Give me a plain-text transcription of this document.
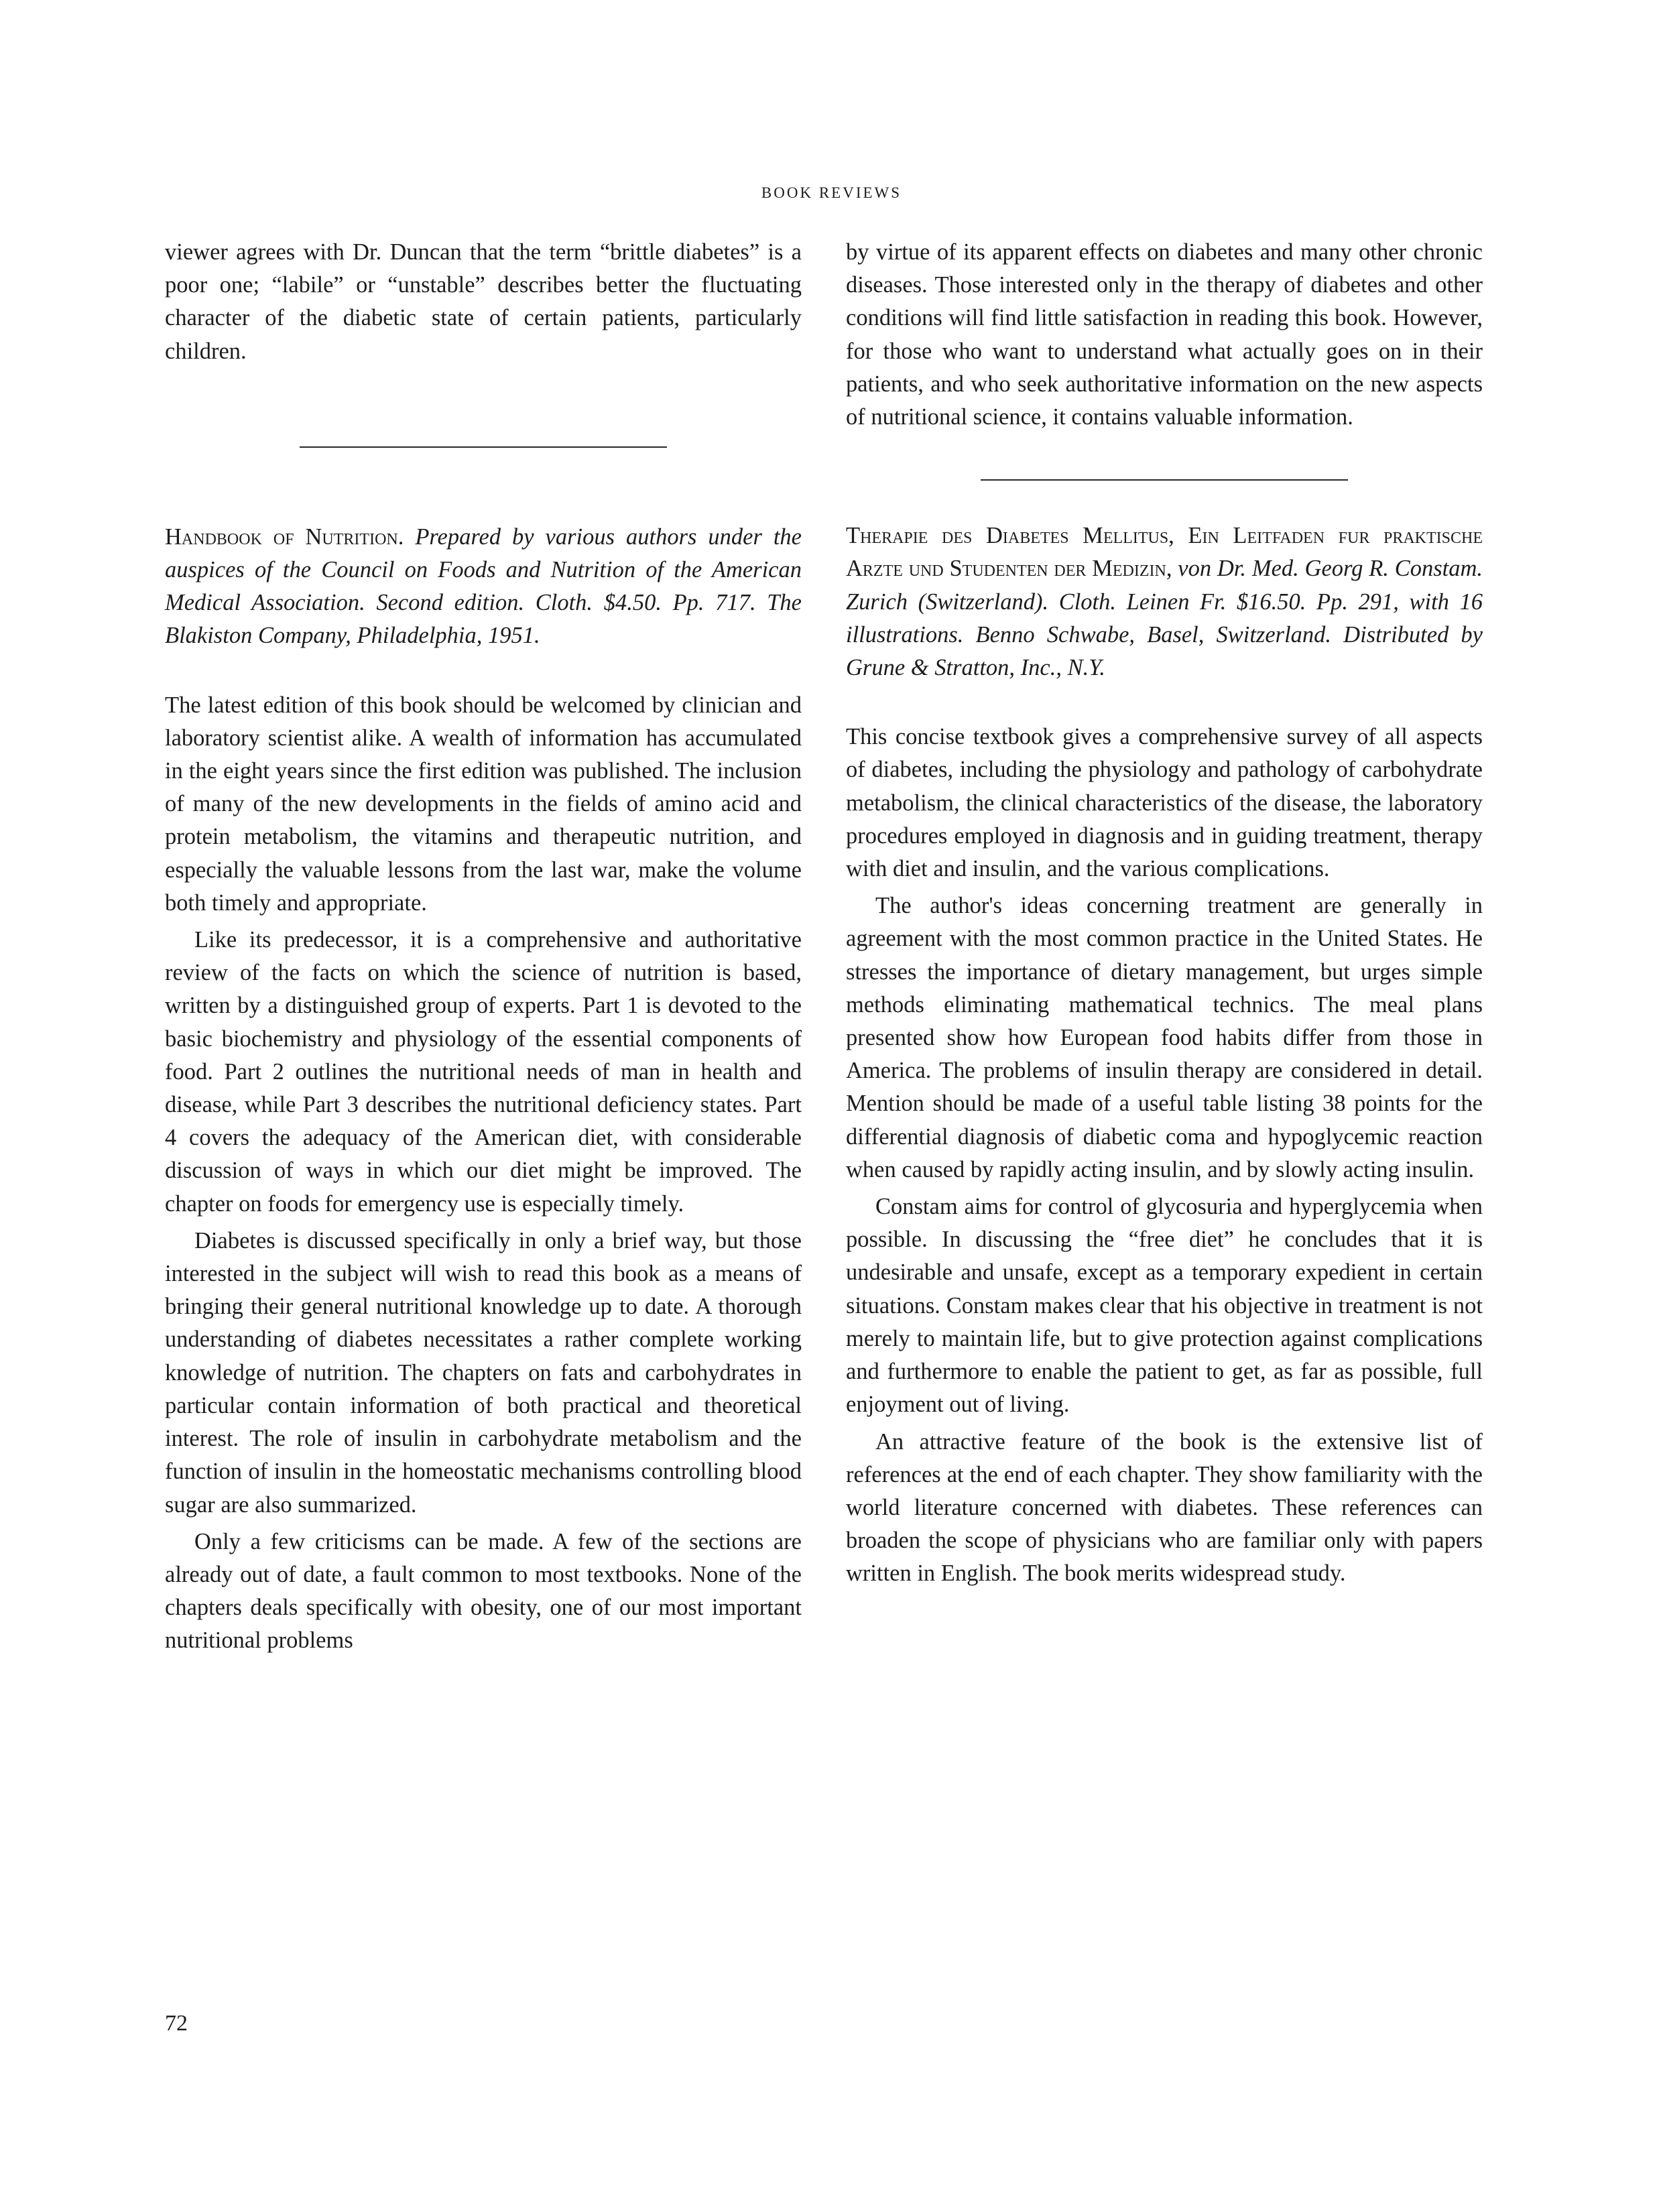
BOOK REVIEWS

viewer agrees with Dr. Duncan that the term “brittle diabetes” is a poor one; “labile” or “unstable” describes better the fluctuating character of the diabetic state of certain patients, particularly children.

Handbook of Nutrition. Prepared by various authors under the auspices of the Council on Foods and Nutrition of the American Medical Association. Second edition. Cloth. $4.50. Pp. 717. The Blakiston Company, Philadelphia, 1951.

The latest edition of this book should be welcomed by clinician and laboratory scientist alike. A wealth of information has accumulated in the eight years since the first edition was published. The inclusion of many of the new developments in the fields of amino acid and protein metabolism, the vitamins and therapeutic nutrition, and especially the valuable lessons from the last war, make the volume both timely and appropriate.

Like its predecessor, it is a comprehensive and authoritative review of the facts on which the science of nutrition is based, written by a distinguished group of experts. Part 1 is devoted to the basic biochemistry and physiology of the essential components of food. Part 2 outlines the nutritional needs of man in health and disease, while Part 3 describes the nutritional deficiency states. Part 4 covers the adequacy of the American diet, with considerable discussion of ways in which our diet might be improved. The chapter on foods for emergency use is especially timely.

Diabetes is discussed specifically in only a brief way, but those interested in the subject will wish to read this book as a means of bringing their general nutritional knowledge up to date. A thorough understanding of diabetes necessitates a rather complete working knowledge of nutrition. The chapters on fats and carbohydrates in particular contain information of both practical and theoretical interest. The role of insulin in carbohydrate metabolism and the function of insulin in the homeostatic mechanisms controlling blood sugar are also summarized.

Only a few criticisms can be made. A few of the sections are already out of date, a fault common to most textbooks. None of the chapters deals specifically with obesity, one of our most important nutritional problems

by virtue of its apparent effects on diabetes and many other chronic diseases. Those interested only in the therapy of diabetes and other conditions will find little satisfaction in reading this book. However, for those who want to understand what actually goes on in their patients, and who seek authoritative information on the new aspects of nutritional science, it contains valuable information.

Therapie des Diabetes Mellitus, Ein Leitfaden fur praktische Arzte und Studenten der Medizin, von Dr. Med. Georg R. Constam. Zurich (Switzerland). Cloth. Leinen Fr. $16.50. Pp. 291, with 16 illustrations. Benno Schwabe, Basel, Switzerland. Distributed by Grune & Stratton, Inc., N.Y.

This concise textbook gives a comprehensive survey of all aspects of diabetes, including the physiology and pathology of carbohydrate metabolism, the clinical characteristics of the disease, the laboratory procedures employed in diagnosis and in guiding treatment, therapy with diet and insulin, and the various complications.

The author's ideas concerning treatment are generally in agreement with the most common practice in the United States. He stresses the importance of dietary management, but urges simple methods eliminating mathematical technics. The meal plans presented show how European food habits differ from those in America. The problems of insulin therapy are considered in detail. Mention should be made of a useful table listing 38 points for the differential diagnosis of diabetic coma and hypoglycemic reaction when caused by rapidly acting insulin, and by slowly acting insulin.

Constam aims for control of glycosuria and hyperglycemia when possible. In discussing the “free diet” he concludes that it is undesirable and unsafe, except as a temporary expedient in certain situations. Constam makes clear that his objective in treatment is not merely to maintain life, but to give protection against complications and furthermore to enable the patient to get, as far as possible, full enjoyment out of living.

An attractive feature of the book is the extensive list of references at the end of each chapter. They show familiarity with the world literature concerned with diabetes. These references can broaden the scope of physicians who are familiar only with papers written in English. The book merits widespread study.

72
